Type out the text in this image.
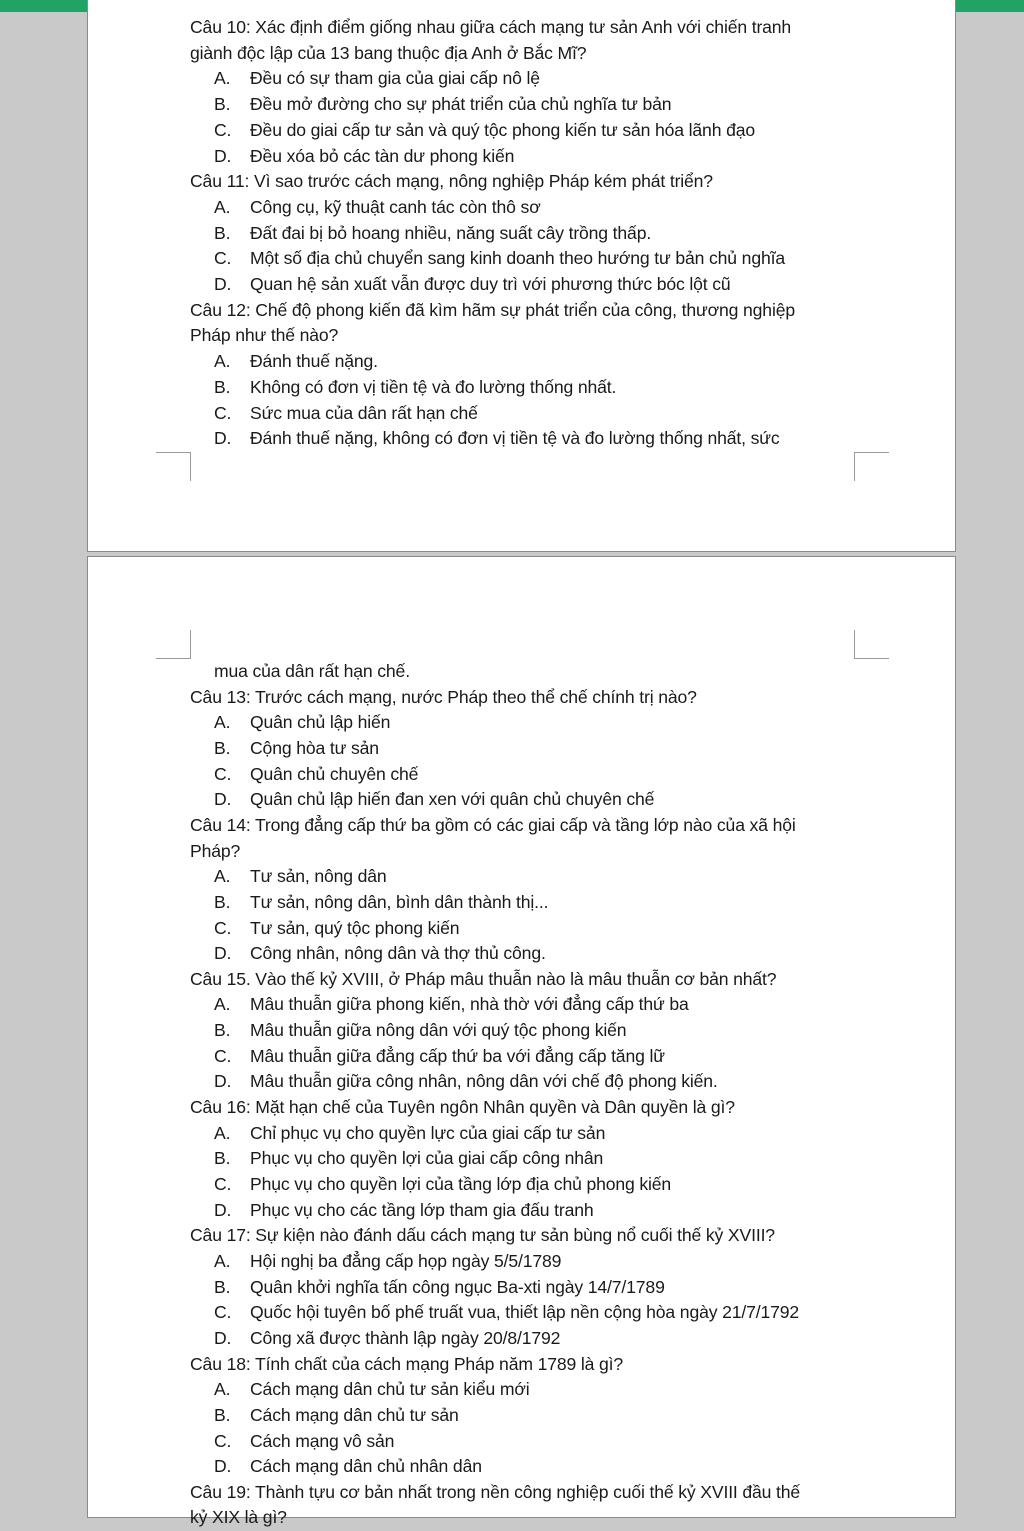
Câu 10: Xác định điểm giống nhau giữa cách mạng tư sản Anh với chiến tranh
giành độc lập của 13 bang thuộc địa Anh ở Bắc Mĩ?
A. Đều có sự tham gia của giai cấp nô lệ
B. Đều mở đường cho sự phát triển của chủ nghĩa tư bản
C. Đều do giai cấp tư sản và quý tộc phong kiến tư sản hóa lãnh đạo
D. Đều xóa bỏ các tàn dư phong kiến
Câu 11: Vì sao trước cách mạng, nông nghiệp Pháp kém phát triển?
A. Công cụ, kỹ thuật canh tác còn thô sơ
B. Đất đai bị bỏ hoang nhiều, năng suất cây trồng thấp.
C. Một số địa chủ chuyển sang kinh doanh theo hướng tư bản chủ nghĩa
D. Quan hệ sản xuất vẫn được duy trì với phương thức bóc lột cũ
Câu 12: Chế độ phong kiến đã kìm hãm sự phát triển của công, thương nghiệp
Pháp như thế nào?
A. Đánh thuế nặng.
B. Không có đơn vị tiền tệ và đo lường thống nhất.
C. Sức mua của dân rất hạn chế
D. Đánh thuế nặng, không có đơn vị tiền tệ và đo lường thống nhất, sức
mua của dân rất hạn chế.
Câu 13: Trước cách mạng, nước Pháp theo thể chế chính trị nào?
A. Quân chủ lập hiến
B. Cộng hòa tư sản
C. Quân chủ chuyên chế
D. Quân chủ lập hiến đan xen với quân chủ chuyên chế
Câu 14: Trong đẳng cấp thứ ba gồm có các giai cấp và tầng lớp nào của xã hội
Pháp?
A. Tư sản, nông dân
B. Tư sản, nông dân, bình dân thành thị...
C. Tư sản, quý tộc phong kiến
D. Công nhân, nông dân và thợ thủ công.
Câu 15. Vào thế kỷ XVIII, ở Pháp mâu thuẫn nào là mâu thuẫn cơ bản nhất?
A. Mâu thuẫn giữa phong kiến, nhà thờ với đẳng cấp thứ ba
B. Mâu thuẫn giữa nông dân với quý tộc phong kiến
C. Mâu thuẫn giữa đẳng cấp thứ ba với đẳng cấp tăng lữ
D. Mâu thuẫn giữa công nhân, nông dân với chế độ phong kiến.
Câu 16: Mặt hạn chế của Tuyên ngôn Nhân quyền và Dân quyền là gì?
A. Chỉ phục vụ cho quyền lực của giai cấp tư sản
B. Phục vụ cho quyền lợi của giai cấp công nhân
C. Phục vụ cho quyền lợi của tầng lớp địa chủ phong kiến
D. Phục vụ cho các tầng lớp tham gia đấu tranh
Câu 17: Sự kiện nào đánh dấu cách mạng tư sản bùng nổ cuối thế kỷ XVIII?
A. Hội nghị ba đẳng cấp họp ngày 5/5/1789
B. Quân khởi nghĩa tấn công ngục Ba-xti ngày 14/7/1789
C. Quốc hội tuyên bố phế truất vua, thiết lập nền cộng hòa ngày 21/7/1792
D. Công xã được thành lập ngày 20/8/1792
Câu 18: Tính chất của cách mạng Pháp năm 1789 là gì?
A. Cách mạng dân chủ tư sản kiểu mới
B. Cách mạng dân chủ tư sản
C. Cách mạng vô sản
D. Cách mạng dân chủ nhân dân
Câu 19: Thành tựu cơ bản nhất trong nền công nghiệp cuối thế kỷ XVIII đầu thế
kỷ XIX là gì?
